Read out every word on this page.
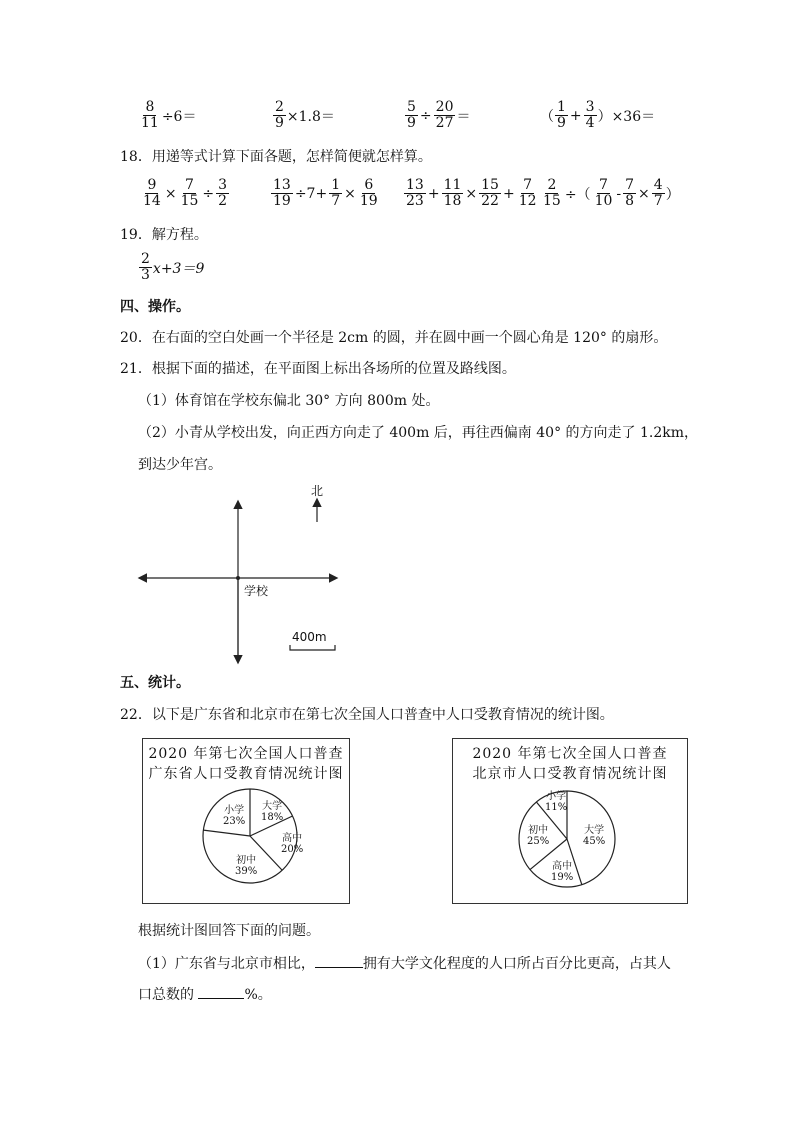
$\frac{8}{11} \div 6=$	$\frac{2}{9} \times 1.8=$	$\frac{5}{9} \div \frac{20}{27}$ ＝	（ $\frac{1}{9} + \frac{3}{4} )\times 36=$
18．用递等式计算下面各题，怎样简便就怎样算。
$\frac{9}{14} \times \frac{7}{15} \div \frac{3}{2}$	$\frac{13}{19} \div 7+ \frac{1}{7} \times \frac{6}{19} \frac{13}{23} + \frac{11}{18} \times \frac{15}{22} + \frac{7}{12} \frac{2}{15}$ ÷（ $\frac{7}{10} - \frac{7}{8} \times \frac{4}{7}$ ）
19．解方程。
$\frac{2}{3} x+3=9$
四、操作。
20．在右面的空白处画一个半径是 2cm 的圆，并在圆中画一个圆心角是 120° 的扇形。
21．根据下面的描述，在平面图上标出各场所的位置及路线图。
（1）体育馆在学校东偏北 30° 方向 800m 处。
（2）小青从学校出发，向正西方向走了 400m 后，再往西偏南 40° 的方向走了 1.2km，
到达少年宫。
北
学校
400m
五、统计。
22．以下是广东省和北京市在第七次全国人口普查中人口受教育情况的统计图。
2020 年第七次全国人口普查
广东省人口受教育情况统计图
小学
23%
大学
18%
高中
20%
初中
39%
2020 年第七次全国人口普查
北京市人口受教育情况统计图
小学
11%
大学
45%
高中
19%
初中
25%
根据统计图回答下面的问题。
（1）广东省与北京市相比，	拥有大学文化程度的人口所占百分比更高，占其人
口总数的	%。
